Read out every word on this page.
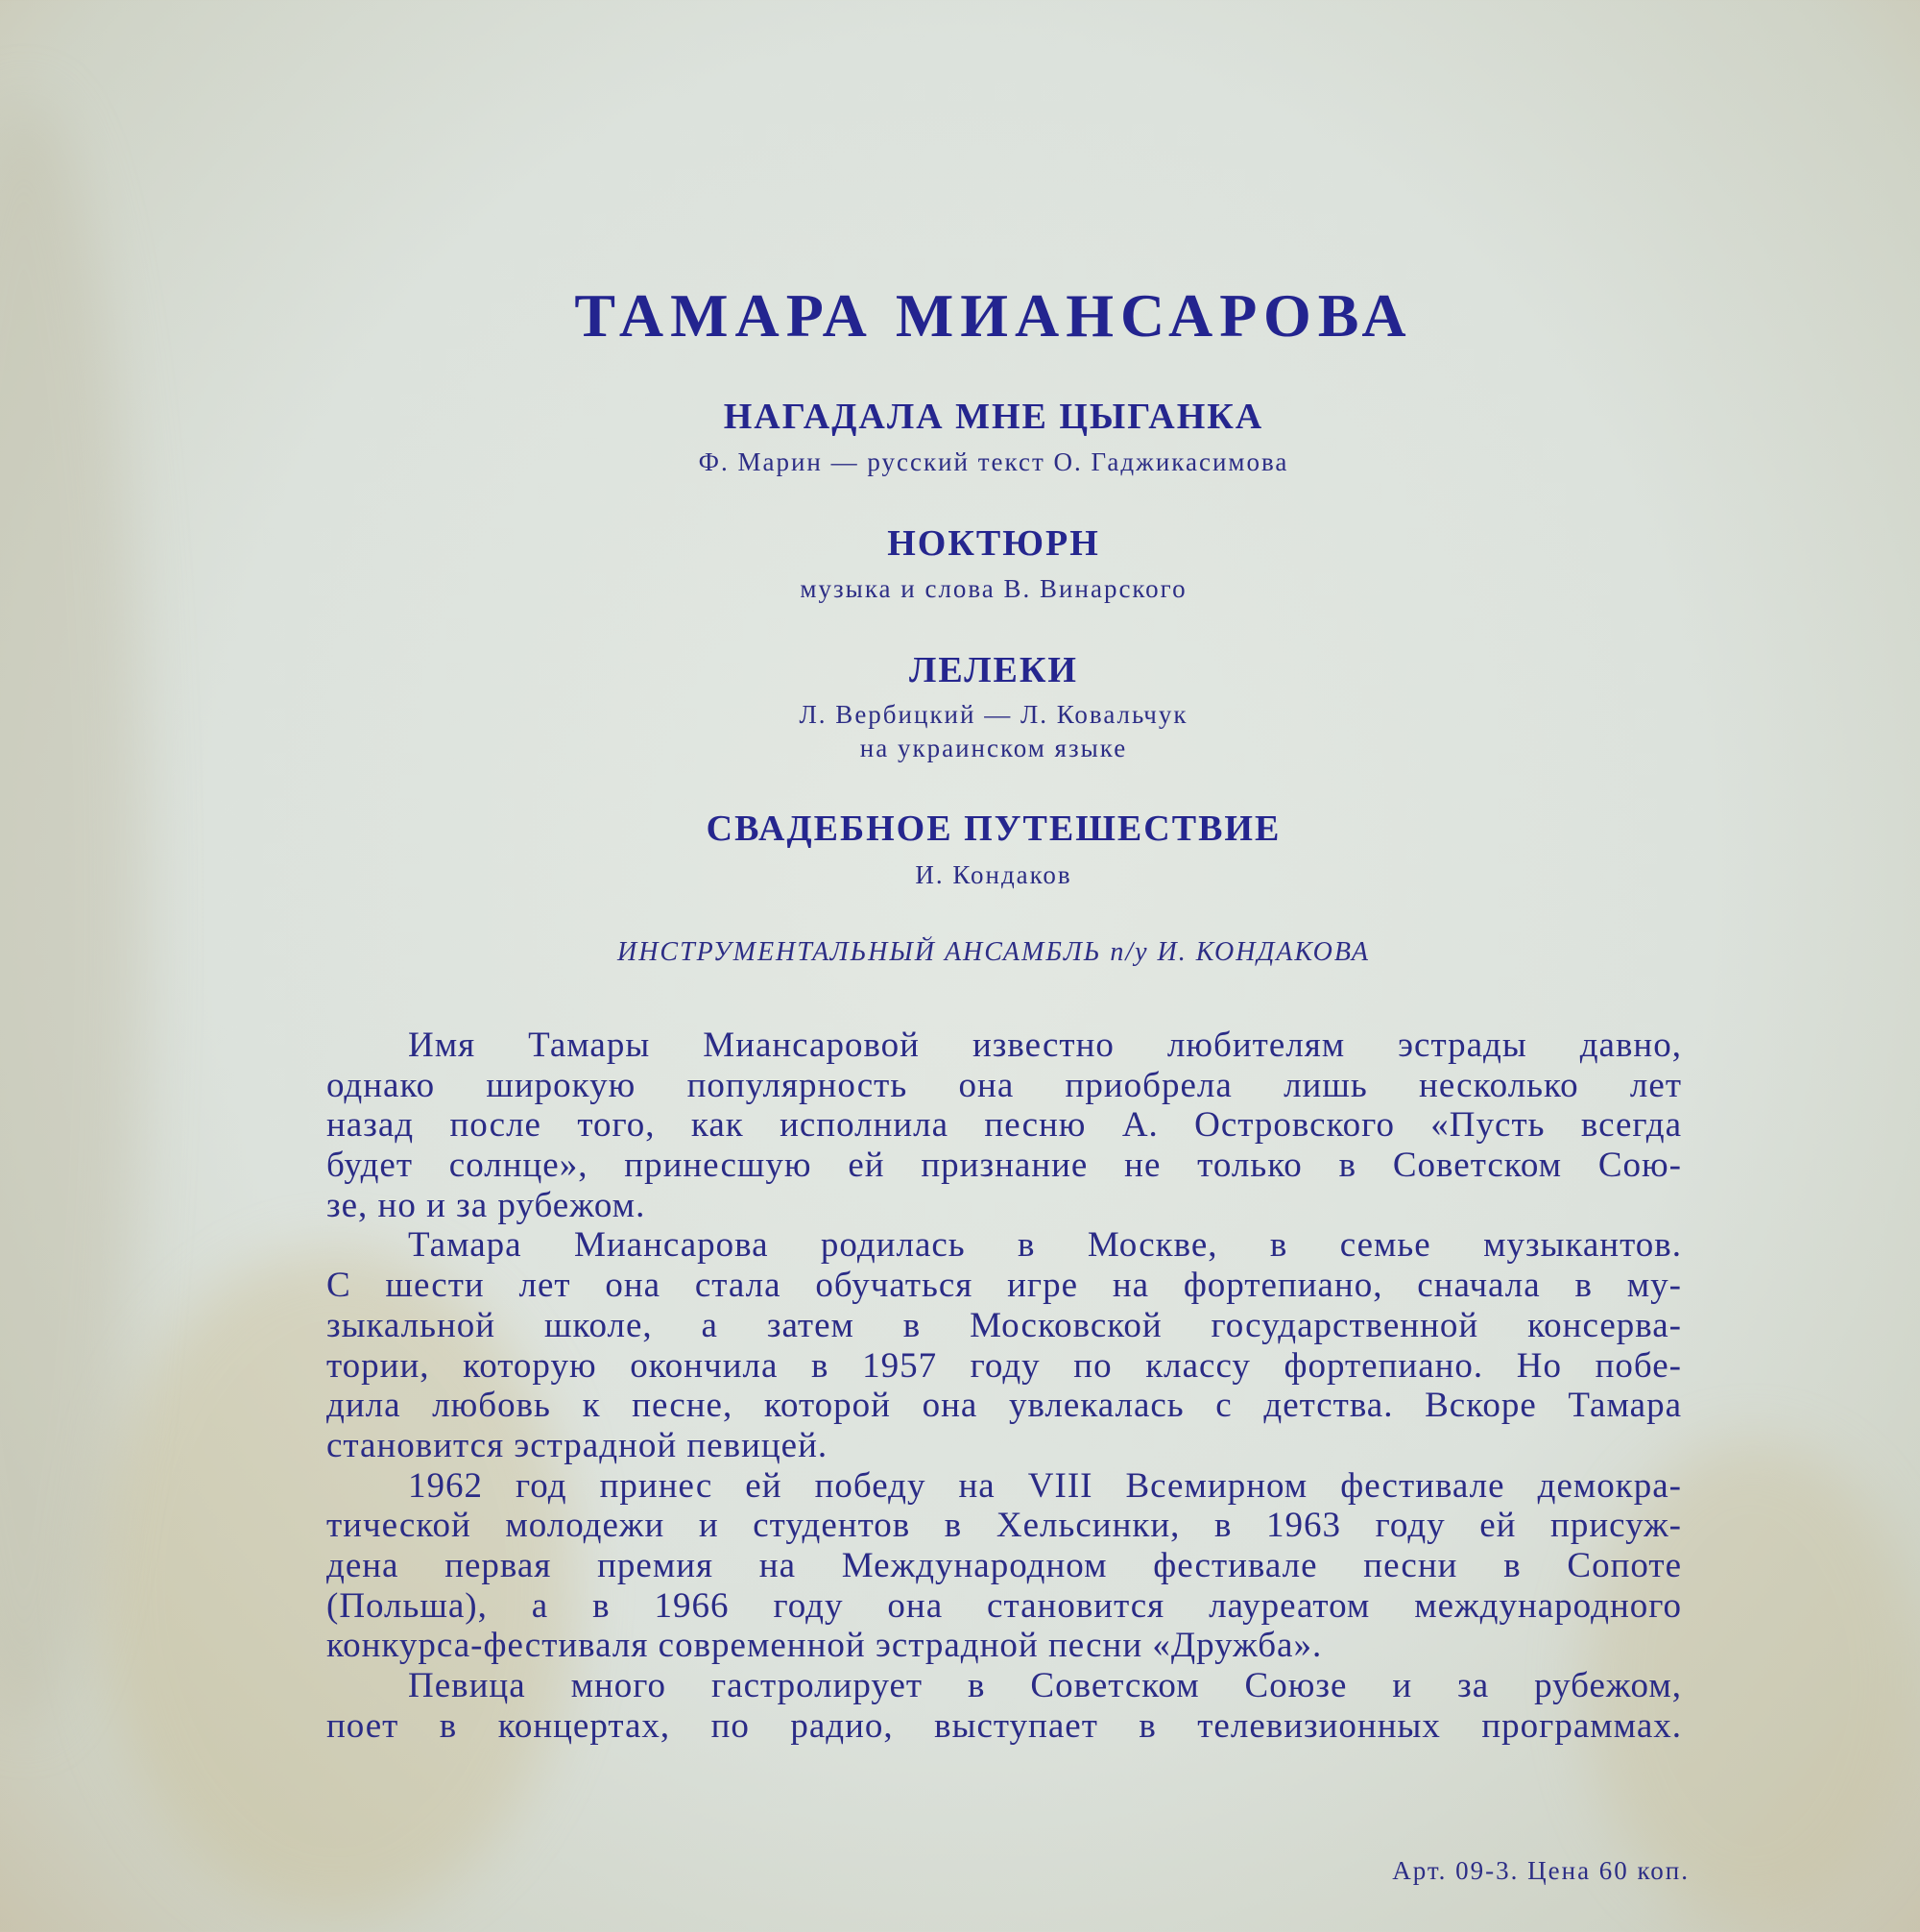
ТАМАРА МИАНСАРОВА
НАГАДАЛА МНЕ ЦЫГАНКА
Ф. Марин — русский текст О. Гаджикасимова
НОКТЮРН
музыка и слова В. Винарского
ЛЕЛЕКИ
Л. Вербицкий — Л. Ковальчук
на украинском языке
СВАДЕБНОЕ ПУТЕШЕСТВИЕ
И. Кондаков
ИНСТРУМЕНТАЛЬНЫЙ АНСАМБЛЬ п/у И. КОНДАКОВА
Имя Тамары Миансаровой известно любителям эстрады давно,
однако широкую популярность она приобрела лишь несколько лет
назад после того, как исполнила песню А. Островского «Пусть всегда
будет солнце», принесшую ей признание не только в Советском Сою-
зе, но и за рубежом.
Тамара Миансарова родилась в Москве, в семье музыкантов.
С шести лет она стала обучаться игре на фортепиано, сначала в му-
зыкальной школе, а затем в Московской государственной консерва-
тории, которую окончила в 1957 году по классу фортепиано. Но побе-
дила любовь к песне, которой она увлекалась с детства. Вскоре Тамара
становится эстрадной певицей.
1962 год принес ей победу на VIII Всемирном фестивале демокра-
тической молодежи и студентов в Хельсинки, в 1963 году ей присуж-
дена первая премия на Международном фестивале песни в Сопоте
(Польша), а в 1966 году она становится лауреатом международного
конкурса-фестиваля современной эстрадной песни «Дружба».
Певица много гастролирует в Советском Союзе и за рубежом,
поет в концертах, по радио, выступает в телевизионных программах.
Арт. 09-3. Цена 60 коп.
